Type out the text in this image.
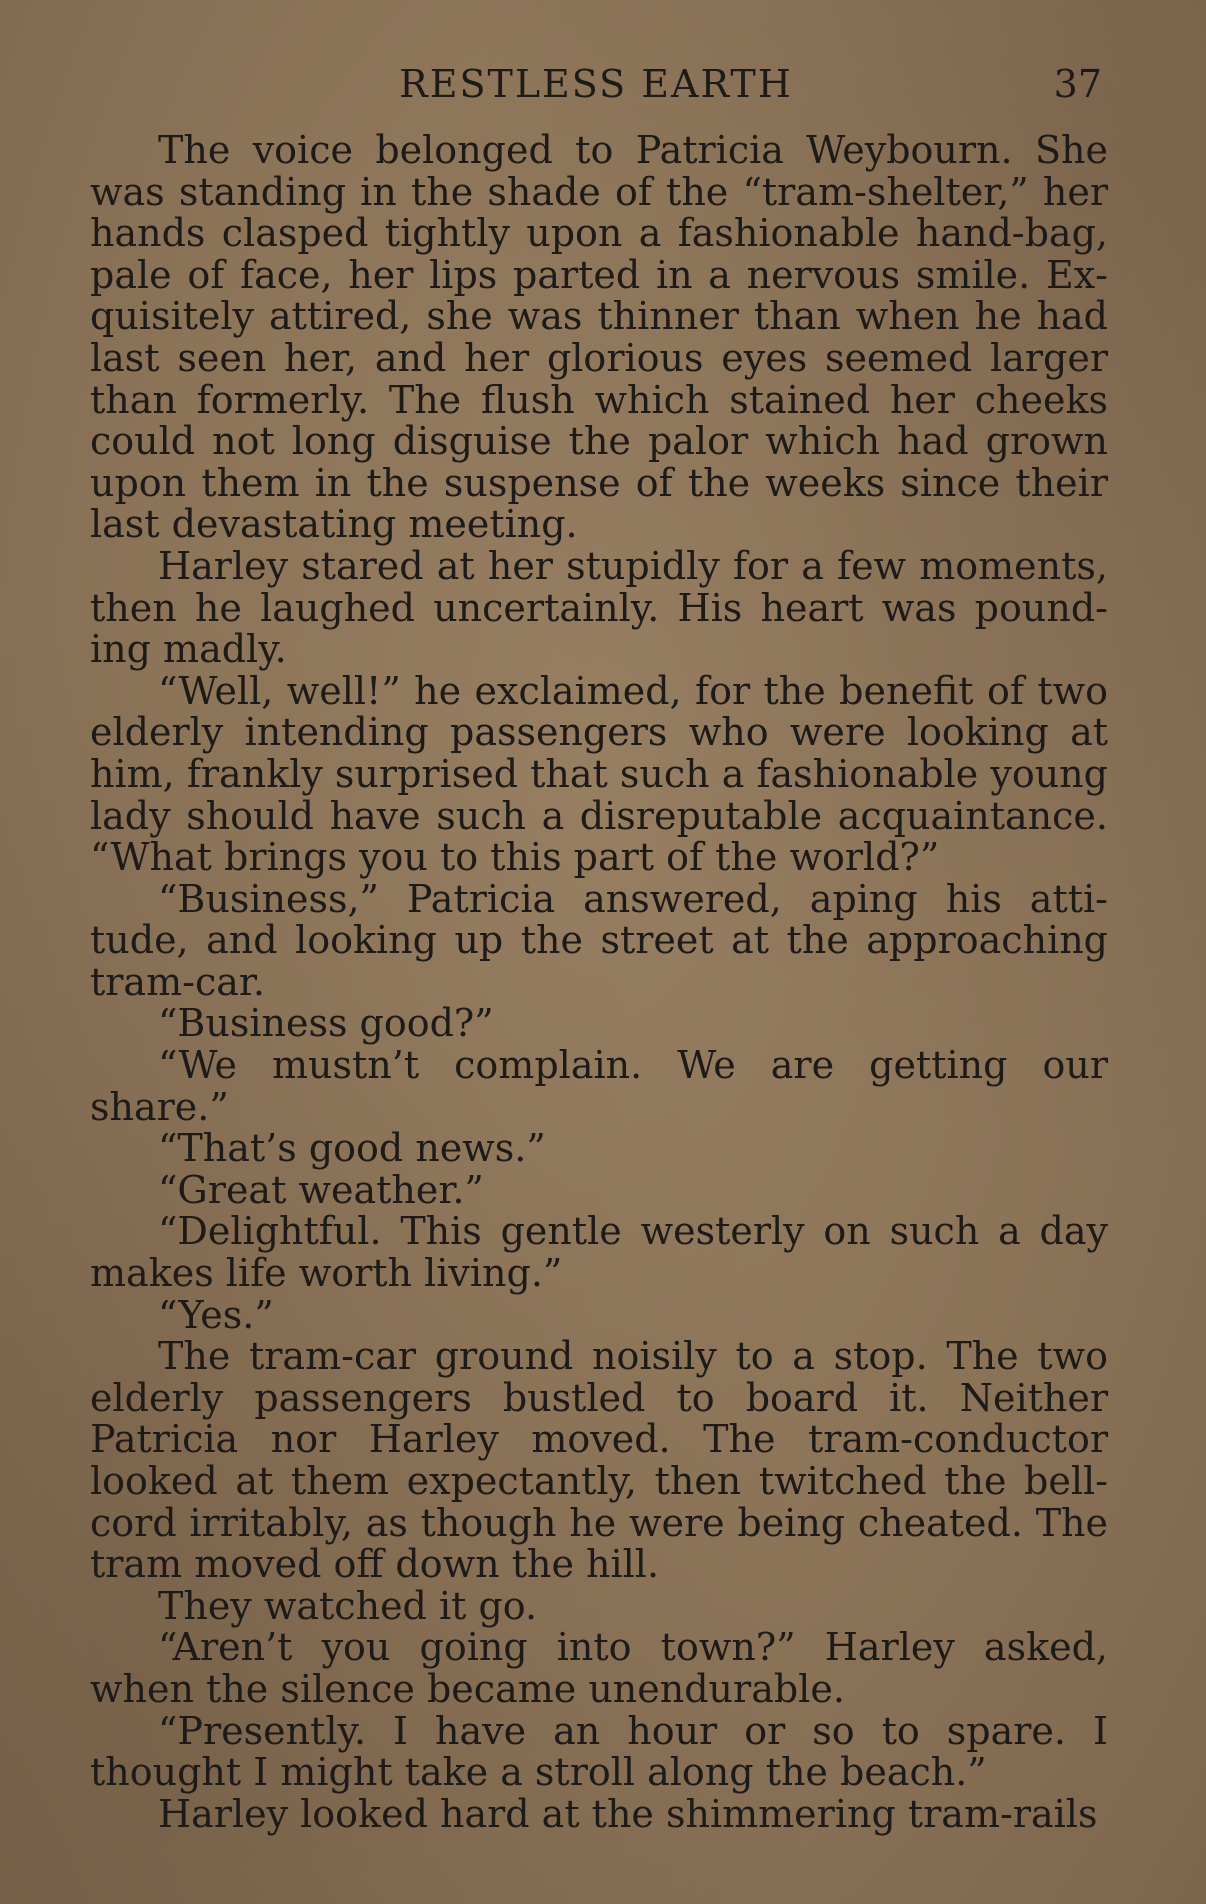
RESTLESS EARTH	37

The voice belonged to Patricia Weybourn. She was standing in the shade of the “tram-shelter,” her hands clasped tightly upon a fashionable hand-bag, pale of face, her lips parted in a nervous smile. Exquisitely attired, she was thinner than when he had last seen her, and her glorious eyes seemed larger than formerly. The flush which stained her cheeks could not long disguise the palor which had grown upon them in the suspense of the weeks since their last devastating meeting.

Harley stared at her stupidly for a few moments, then he laughed uncertainly. His heart was pounding madly.

“Well, well!” he exclaimed, for the benefit of two elderly intending passengers who were looking at him, frankly surprised that such a fashionable young lady should have such a disreputable acquaintance. “What brings you to this part of the world?”

“Business,” Patricia answered, aping his attitude, and looking up the street at the approaching tram-car.

“Business good?”

“We mustn’t complain. We are getting our share.”

“That’s good news.”

“Great weather.”

“Delightful. This gentle westerly on such a day makes life worth living.”

“Yes.”

The tram-car ground noisily to a stop. The two elderly passengers bustled to board it. Neither Patricia nor Harley moved. The tram-conductor looked at them expectantly, then twitched the bell-cord irritably, as though he were being cheated. The tram moved off down the hill.

They watched it go.

“Aren’t you going into town?” Harley asked, when the silence became unendurable.

“Presently. I have an hour or so to spare. I thought I might take a stroll along the beach.”

Harley looked hard at the shimmering tram-rails
